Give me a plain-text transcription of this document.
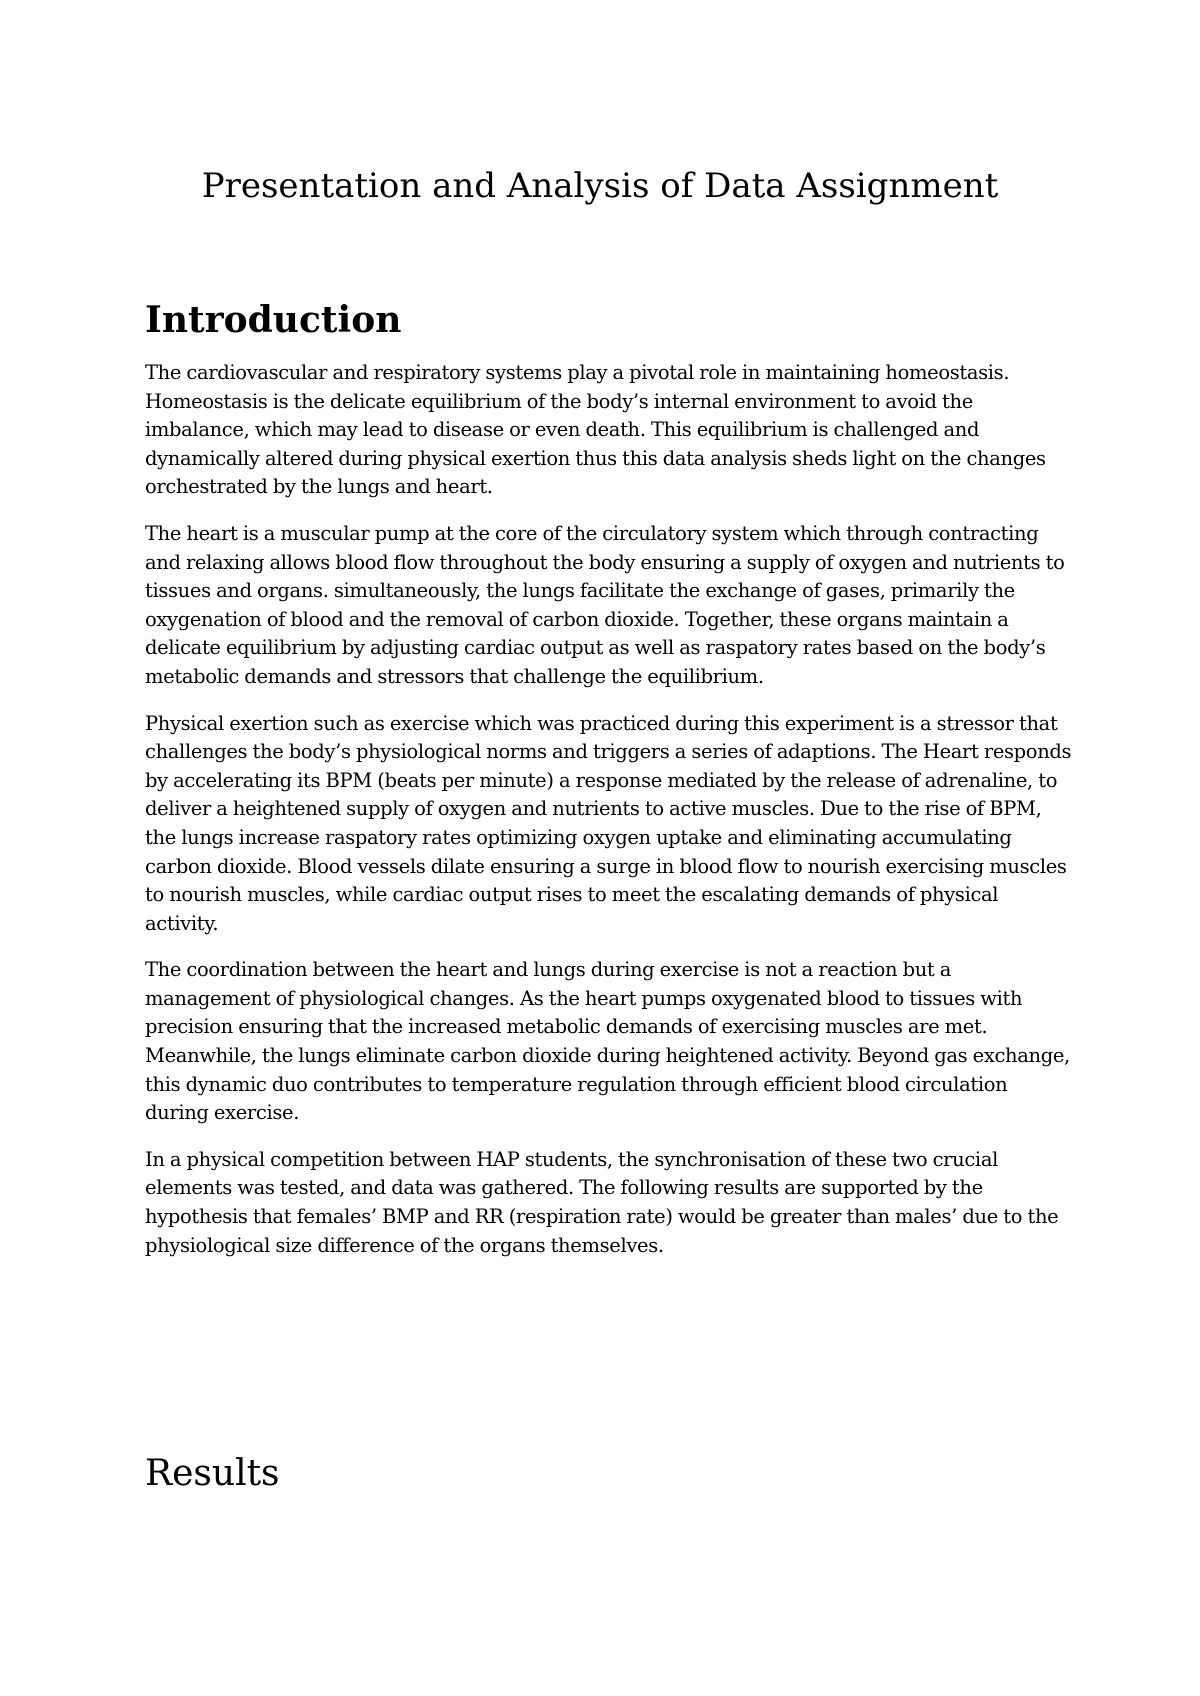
Presentation and Analysis of Data Assignment
Introduction

The cardiovascular and respiratory systems play a pivotal role in maintaining homeostasis. Homeostasis is the delicate equilibrium of the body’s internal environment to avoid the imbalance, which may lead to disease or even death. This equilibrium is challenged and dynamically altered during physical exertion thus this data analysis sheds light on the changes orchestrated by the lungs and heart.

The heart is a muscular pump at the core of the circulatory system which through contracting and relaxing allows blood flow throughout the body ensuring a supply of oxygen and nutrients to tissues and organs. simultaneously, the lungs facilitate the exchange of gases, primarily the oxygenation of blood and the removal of carbon dioxide. Together, these organs maintain a delicate equilibrium by adjusting cardiac output as well as raspatory rates based on the body’s metabolic demands and stressors that challenge the equilibrium.

Physical exertion such as exercise which was practiced during this experiment is a stressor that challenges the body’s physiological norms and triggers a series of adaptions. The Heart responds by accelerating its BPM (beats per minute) a response mediated by the release of adrenaline, to deliver a heightened supply of oxygen and nutrients to active muscles. Due to the rise of BPM, the lungs increase raspatory rates optimizing oxygen uptake and eliminating accumulating carbon dioxide. Blood vessels dilate ensuring a surge in blood flow to nourish exercising muscles to nourish muscles, while cardiac output rises to meet the escalating demands of physical activity.

The coordination between the heart and lungs during exercise is not a reaction but a management of physiological changes. As the heart pumps oxygenated blood to tissues with precision ensuring that the increased metabolic demands of exercising muscles are met. Meanwhile, the lungs eliminate carbon dioxide during heightened activity. Beyond gas exchange, this dynamic duo contributes to temperature regulation through efficient blood circulation during exercise.

In a physical competition between HAP students, the synchronisation of these two crucial elements was tested, and data was gathered. The following results are supported by the hypothesis that females’ BMP and RR (respiration rate) would be greater than males’ due to the physiological size difference of the organs themselves.

Results
